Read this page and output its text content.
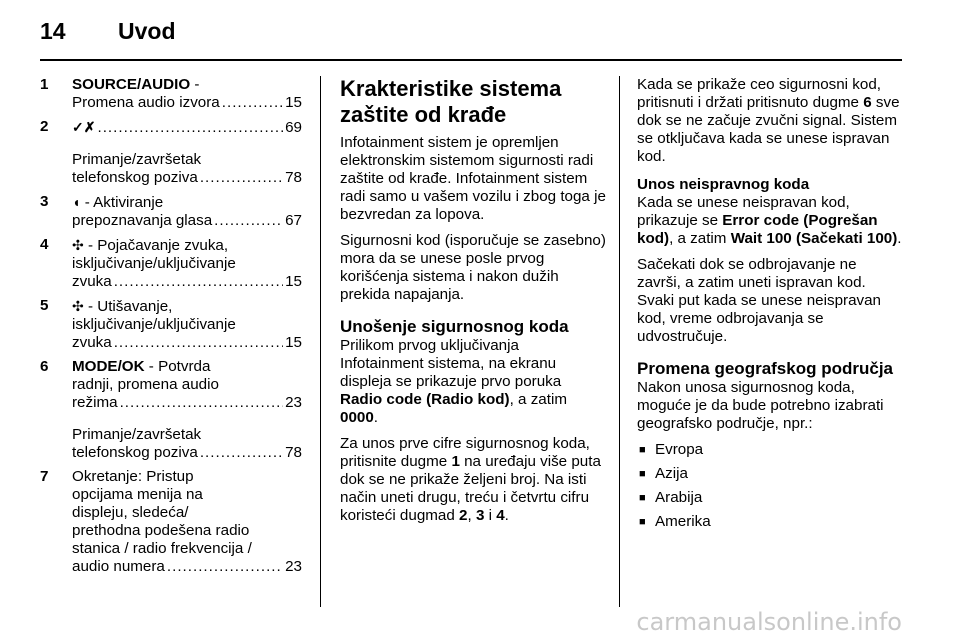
14 Uvod
1 SOURCE/AUDIO -
Promena audio izvora .....	15
2 ✓✗ .....	69
Primanje/završetak
telefonskog poziva .....	78
3 ◖ - Aktiviranje
prepoznavanja glasa .....	67
4 ✣ - Pojačavanje zvuka,
isključivanje/uključivanje
zvuka .....	15
5 ✣ - Utišavanje,
isključivanje/uključivanje
zvuka .....	15
6 MODE/OK - Potvrda
radnji, promena audio
režima .....	23
Primanje/završetak
telefonskog poziva .....	78
7 Okretanje: Pristup
opcijama menija na
displeju, sledeća/
prethodna podešena radio
stanica / radio frekvencija /
audio numera .....	23
Krakteristike sistema zaštite od krađe

Infotainment sistem je opremljen elektronskim sistemom sigurnosti radi zaštite od krađe. Infotainment sistem radi samo u vašem vozilu i zbog toga je bezvredan za lopova.

Sigurnosni kod (isporučuje se zasebno) mora da se unese posle prvog korišćenja sistema i nakon dužih prekida napajanja.

Unošenje sigurnosnog koda

Prilikom prvog uključivanja Infotainment sistema, na ekranu displeja se prikazuje prvo poruka Radio code (Radio kod), a zatim 0000.

Za unos prve cifre sigurnosnog koda, pritisnite dugme 1 na uređaju više puta dok se ne prikaže željeni broj. Na isti način uneti drugu, treću i četvrtu cifru koristeći dugmad 2, 3 i 4.

Kada se prikaže ceo sigurnosni kod, pritisnuti i držati pritisnuto dugme 6 sve dok se ne začuje zvučni signal. Sistem se otključava kada se unese ispravan kod.

Unos neispravnog koda

Kada se unese neispravan kod, prikazuje se Error code (Pogrešan kod), a zatim Wait 100 (Sačekati 100).

Sačekati dok se odbrojavanje ne završi, a zatim uneti ispravan kod. Svaki put kada se unese neispravan kod, vreme odbrojavanja se udvostručuje.

Promena geografskog područja

Nakon unosa sigurnosnog koda, moguće je da bude potrebno izabrati geografsko područje, npr.:

■ Evropa
■ Azija
■ Arabija
■ Amerika
carmanualsonline.info
